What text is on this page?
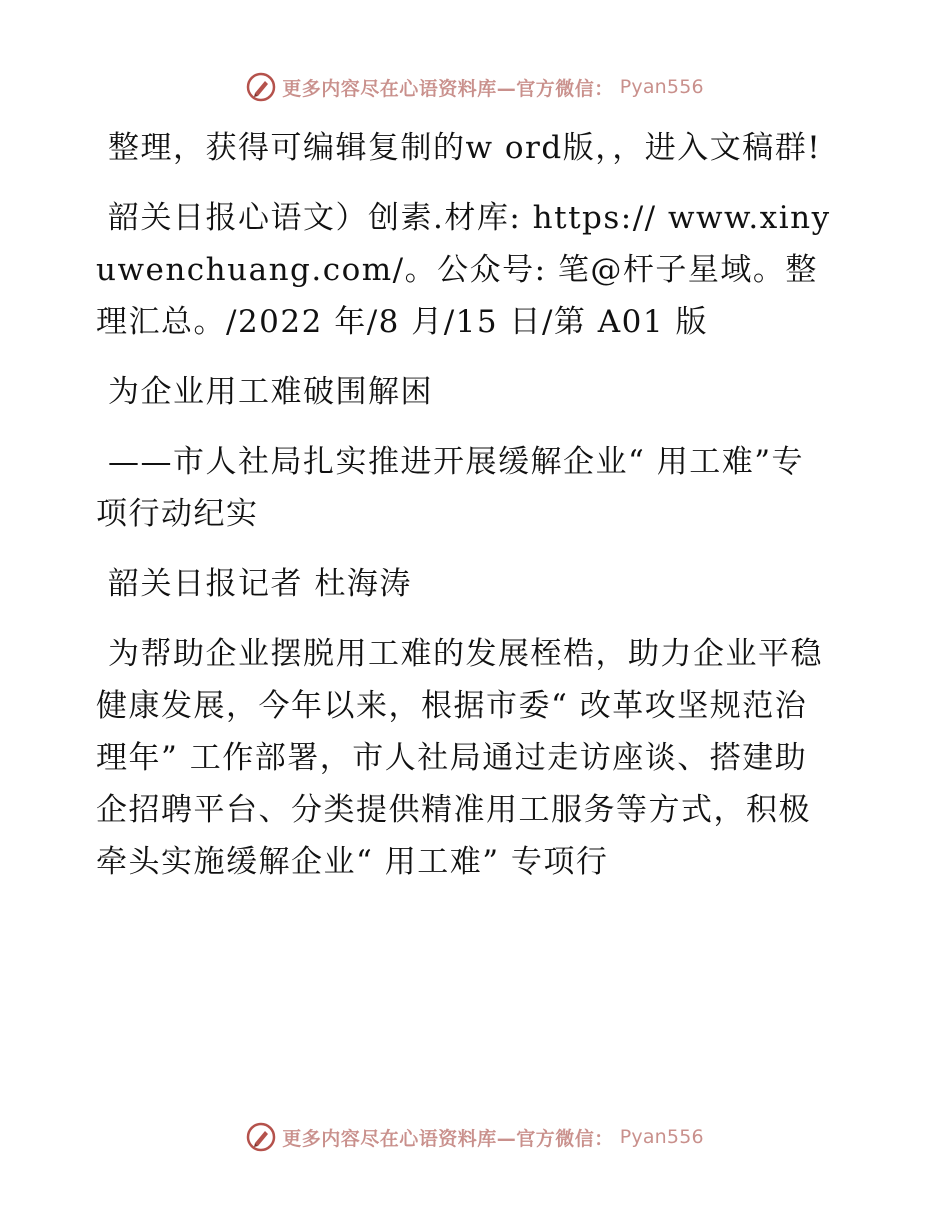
更多内容尽在心语资料库—官方微信： Pyan556

整理，获得可编辑复制的w ord版，，进入文稿群!

韶关日报心语文）创素.材库: https:// www.xinyuwenchuang.com/。公众号: 笔@杆子星域。整理汇总。/2022 年/8 月/15 日/第 A01 版

为企业用工难破围解困

——市人社局扎实推进开展缓解企业“ 用工难”专项行动纪实

韶关日报记者 杜海涛

为帮助企业摆脱用工难的发展桎梏，助力企业平稳健康发展，今年以来，根据市委“ 改革攻坚规范治理年” 工作部署，市人社局通过走访座谈、搭建助企招聘平台、分类提供精准用工服务等方式，积极牵头实施缓解企业“ 用工难” 专项行

更多内容尽在心语资料库—官方微信： Pyan556
